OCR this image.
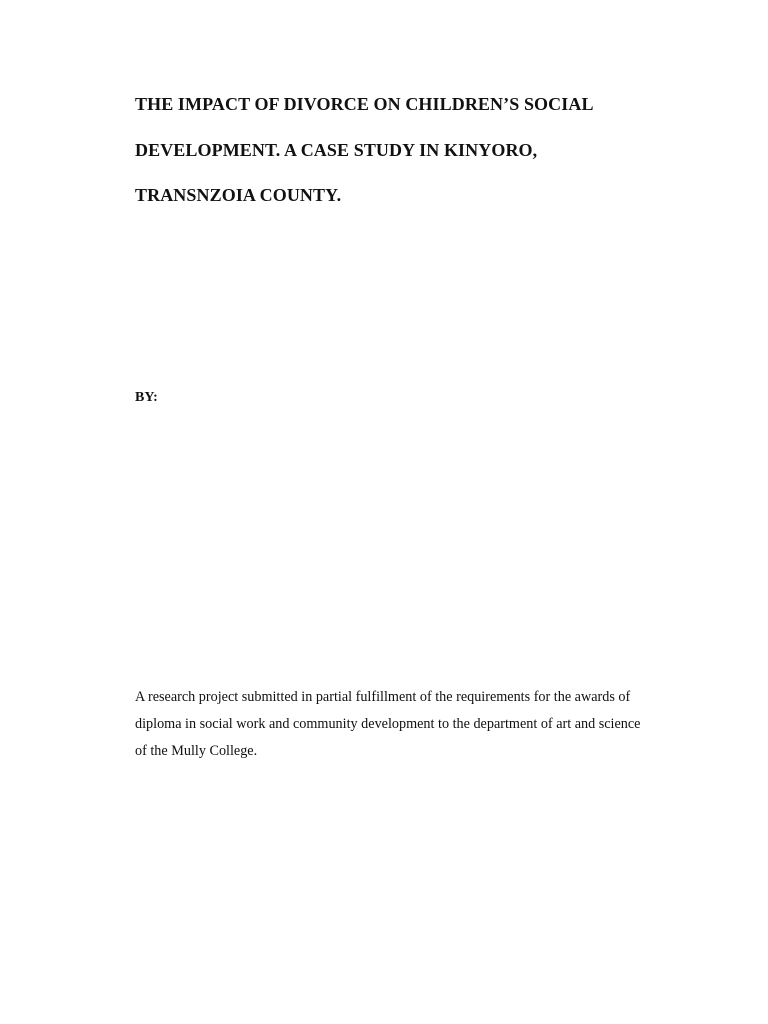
THE IMPACT OF DIVORCE ON CHILDREN’S SOCIAL
DEVELOPMENT. A CASE STUDY IN KINYORO,
TRANSNZOIA COUNTY.
BY:
A research project submitted in partial fulfillment of the requirements for the awards of
diploma in social work and community development to the department of art and science
of the Mully College.
